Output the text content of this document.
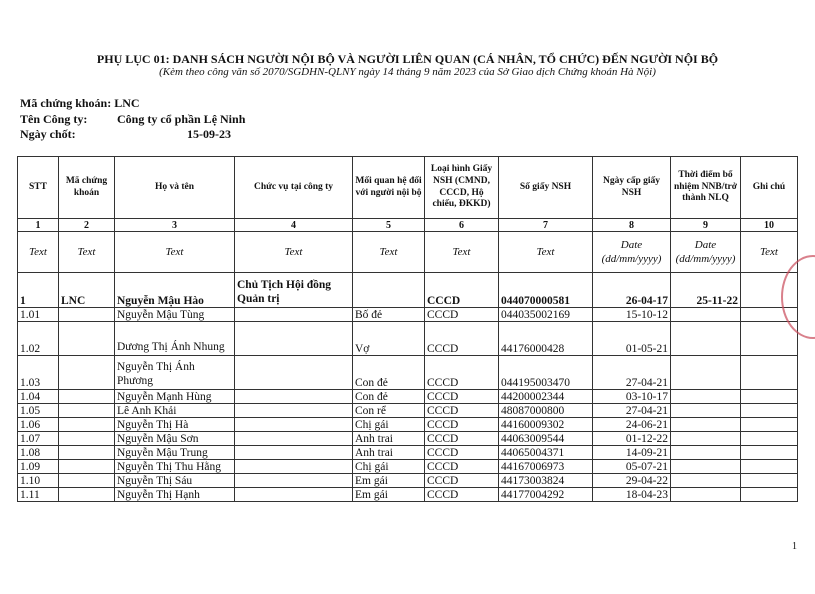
PHỤ LỤC 01: DANH SÁCH NGƯỜI NỘI BỘ VÀ NGƯỜI LIÊN QUAN (CÁ NHÂN, TỔ CHỨC) ĐẾN NGƯỜI NỘI BỘ
(Kèm theo công văn số 2070/SGDHN-QLNY ngày 14 tháng 9 năm 2023 của Sở Giao dịch Chứng khoán Hà Nội)
Mã chứng khoán: LNC
Tên Công ty: Công ty cổ phần Lệ Ninh
Ngày chốt:	15-09-23
STT	Mã chứng khoán	Họ và tên	Chức vụ tại công ty	Mối quan hệ đối với người nội bộ	Loại hình Giấy NSH (CMND, CCCD, Hộ chiếu, ĐKKD)	Số giấy NSH	Ngày cấp giấy NSH	Thời điểm bổ nhiệm NNB/trở thành NLQ	Ghi chú
1	2	3	4	5	6	7	8	9	10
Text	Text	Text	Text	Text	Text	Text	Date (dd/mm/yyyy)	Date (dd/mm/yyyy)	Text
1	LNC	Nguyễn Mậu Hào	Chủ Tịch Hội đồng Quản trị		CCCD	044070000581	26-04-17	25-11-22	
1.01		Nguyễn Mậu Tùng		Bố đẻ	CCCD	044035002169	15-10-12		
1.02		Dương Thị Ánh Nhung		Vợ	CCCD	44176000428	01-05-21		
1.03		Nguyễn Thị Ánh Phương		Con đẻ	CCCD	044195003470	27-04-21		
1.04		Nguyễn Mạnh Hùng		Con đẻ	CCCD	44200002344	03-10-17		
1.05		Lê Anh Khải		Con rể	CCCD	48087000800	27-04-21		
1.06		Nguyễn Thị Hà		Chị gái	CCCD	44160009302	24-06-21		
1.07		Nguyễn Mậu Sơn		Anh trai	CCCD	44063009544	01-12-22		
1.08		Nguyễn Mậu Trung		Anh trai	CCCD	44065004371	14-09-21		
1.09		Nguyễn Thị Thu Hằng		Chị gái	CCCD	44167006973	05-07-21		
1.10		Nguyễn Thị Sáu		Em gái	CCCD	44173003824	29-04-22		
1.11		Nguyễn Thị Hạnh		Em gái	CCCD	44177004292	18-04-23		
1
